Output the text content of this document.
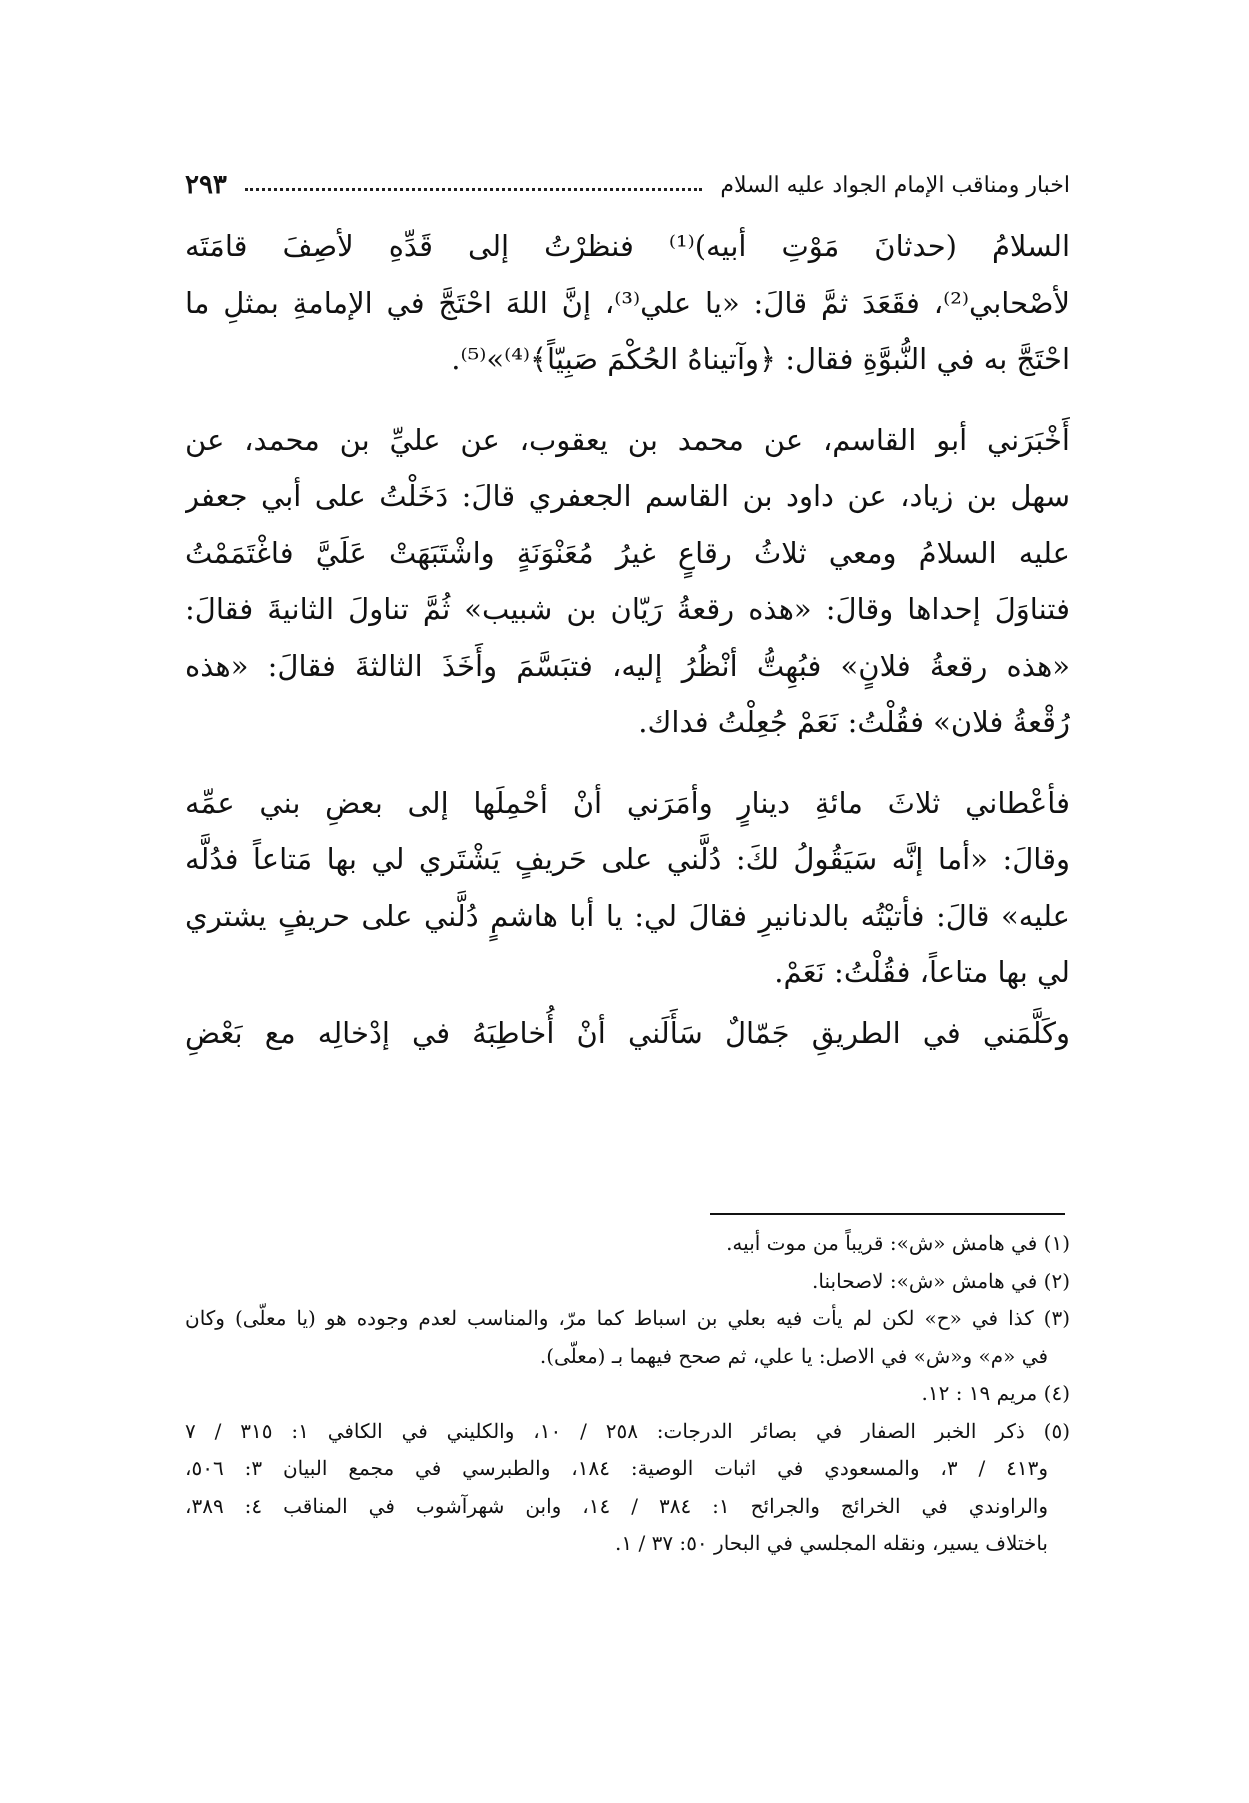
اخبار ومناقب الإمام الجواد عليه السلام
٢٩٣
السلامُ (حدثانَ مَوْتِ أبيه)⁽¹⁾ فنظرْتُ إلى قَدِّهِ لأصِفَ قامَتَه
لأصْحابي⁽²⁾، فقَعَدَ ثمَّ قالَ: «يا علي⁽³⁾، إنَّ اللهَ احْتَجَّ في الإمامةِ بمثلِ ما
احْتَجَّ به في النُّبوَّةِ فقال: ﴿وآتيناهُ الحُكْمَ صَبِيّاً﴾⁽⁴⁾»⁽⁵⁾.
أَخْبَرَني أبو القاسم، عن محمد بن يعقوب، عن عليِّ بن محمد، عن
سهل بن زياد، عن داود بن القاسم الجعفري قالَ: دَخَلْتُ على أبي جعفر
عليه السلامُ ومعي ثلاثُ رقاعٍ غيرُ مُعَنْوَنَةٍ واشْتَبَهَتْ عَلَيَّ فاغْتَمَمْتُ
فتناوَلَ إحداها وقالَ: «هذه رقعةُ رَيّان بن شبيب» ثُمَّ تناولَ الثانيةَ فقالَ:
«هذه رقعةُ فلانٍ» فبُهِتُّ أنْظُرُ إليه، فتبَسَّمَ وأَخَذَ الثالثةَ فقالَ: «هذه
رُقْعةُ فلان» فقُلْتُ: نَعَمْ جُعِلْتُ فداك.
فأعْطاني ثلاثَ مائةِ دينارٍ وأمَرَني أنْ أحْمِلَها إلى بعضِ بني عمِّه
وقالَ: «أما إنَّه سَيَقُولُ لكَ: دُلَّني على حَريفٍ يَشْتَري لي بها مَتاعاً فدُلَّه
عليه» قالَ: فأتيْتُه بالدنانيرِ فقالَ لي: يا أبا هاشمٍ دُلَّني على حريفٍ يشتري
لي بها متاعاً، فقُلْتُ: نَعَمْ.
وكَلَّمَني في الطريقِ جَمّالٌ سَأَلَني أنْ أُخاطِبَهُ في إدْخالِه مع بَعْضِ
(١) في هامش «ش»: قريباً من موت أبيه.
(٢) في هامش «ش»: لاصحابنا.
(٣) كذا في «ح» لكن لم يأت فيه بعلي بن اسباط كما مرّ، والمناسب لعدم وجوده هو (يا معلّى) وكان
في «م» و«ش» في الاصل: يا علي، ثم صحح فيهما بـ (معلّى).
(٤) مريم ١٩ : ١٢.
(٥) ذكر الخبر الصفار في بصائر الدرجات: ٢٥٨ / ١٠، والكليني في الكافي ١: ٣١٥ / ٧
و٤١٣ / ٣، والمسعودي في اثبات الوصية: ١٨٤، والطبرسي في مجمع البيان ٣: ٥٠٦،
والراوندي في الخرائج والجرائح ١: ٣٨٤ / ١٤، وابن شهرآشوب في المناقب ٤: ٣٨٩،
باختلاف يسير، ونقله المجلسي في البحار ٥٠: ٣٧ / ١.
